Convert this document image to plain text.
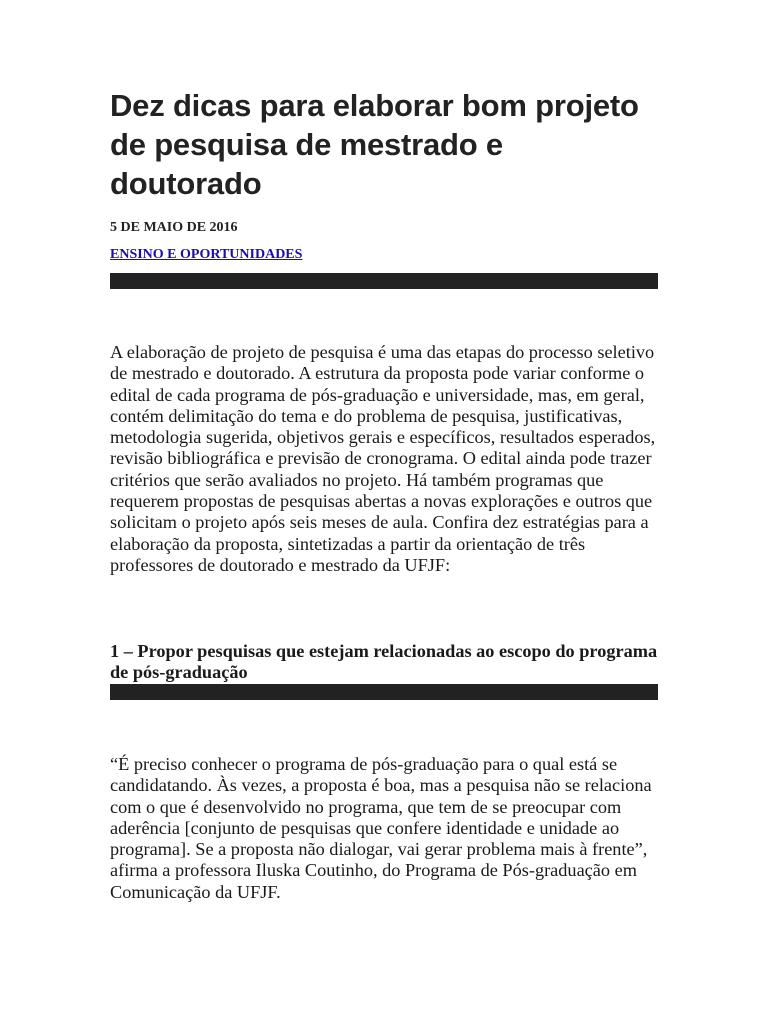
Dez dicas para elaborar bom projeto de pesquisa de mestrado e doutorado
5 DE MAIO DE 2016
ENSINO E OPORTUNIDADES

A elaboração de projeto de pesquisa é uma das etapas do processo seletivo de mestrado e doutorado. A estrutura da proposta pode variar conforme o edital de cada programa de pós-graduação e universidade, mas, em geral, contém delimitação do tema e do problema de pesquisa, justificativas, metodologia sugerida, objetivos gerais e específicos, resultados esperados, revisão bibliográfica e previsão de cronograma. O edital ainda pode trazer critérios que serão avaliados no projeto. Há também programas que requerem propostas de pesquisas abertas a novas explorações e outros que solicitam o projeto após seis meses de aula. Confira dez estratégias para a elaboração da proposta, sintetizadas a partir da orientação de três professores de doutorado e mestrado da UFJF:

1 – Propor pesquisas que estejam relacionadas ao escopo do programa de pós-graduação

“É preciso conhecer o programa de pós-graduação para o qual está se candidatando. Às vezes, a proposta é boa, mas a pesquisa não se relaciona com o que é desenvolvido no programa, que tem de se preocupar com aderência [conjunto de pesquisas que confere identidade e unidade ao programa]. Se a proposta não dialogar, vai gerar problema mais à frente”, afirma a professora Iluska Coutinho, do Programa de Pós-graduação em Comunicação da UFJF.
